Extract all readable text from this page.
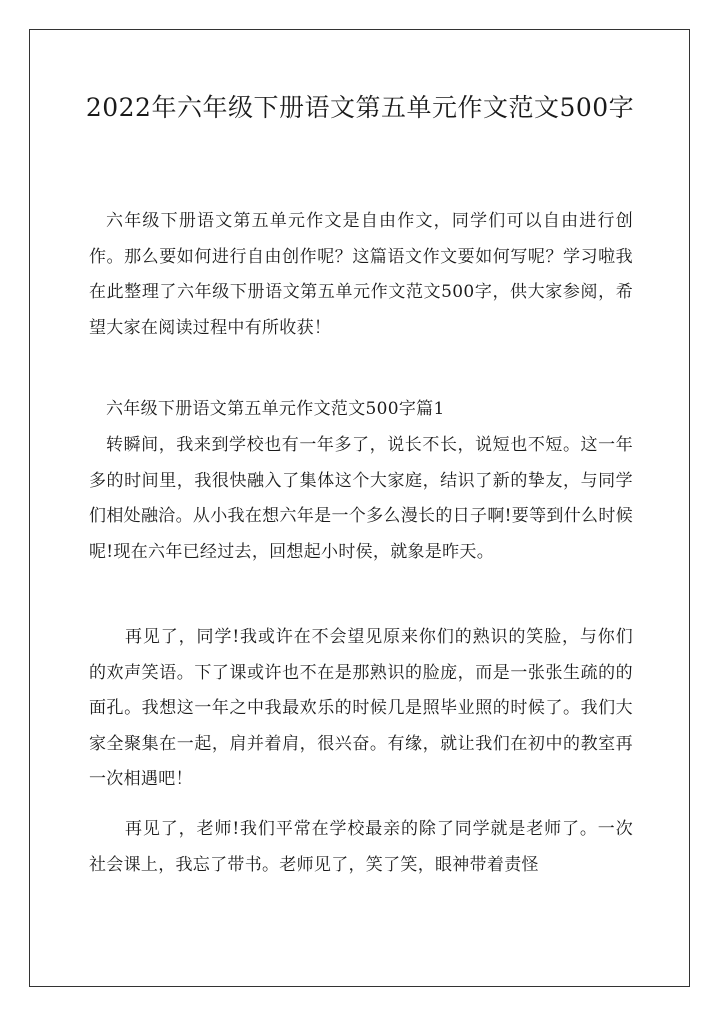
2022年六年级下册语文第五单元作文范文500字

六年级下册语文第五单元作文是自由作文，同学们可以自由进行创作。那么要如何进行自由创作呢？这篇语文作文要如何写呢？学习啦我在此整理了六年级下册语文第五单元作文范文500字，供大家参阅，希望大家在阅读过程中有所收获！

六年级下册语文第五单元作文范文500字篇1

转瞬间，我来到学校也有一年多了，说长不长，说短也不短。这一年多的时间里，我很快融入了集体这个大家庭，结识了新的挚友，与同学们相处融洽。从小我在想六年是一个多么漫长的日子啊!要等到什么时候呢!现在六年已经过去，回想起小时侯，就象是昨天。

再见了，同学!我或许在不会望见原来你们的熟识的笑脸，与你们的欢声笑语。下了课或许也不在是那熟识的脸庞，而是一张张生疏的的面孔。我想这一年之中我最欢乐的时候几是照毕业照的时候了。我们大家全聚集在一起，肩并着肩，很兴奋。有缘，就让我们在初中的教室再一次相遇吧！

再见了，老师!我们平常在学校最亲的除了同学就是老师了。一次社会课上，我忘了带书。老师见了，笑了笑，眼神带着责怪
